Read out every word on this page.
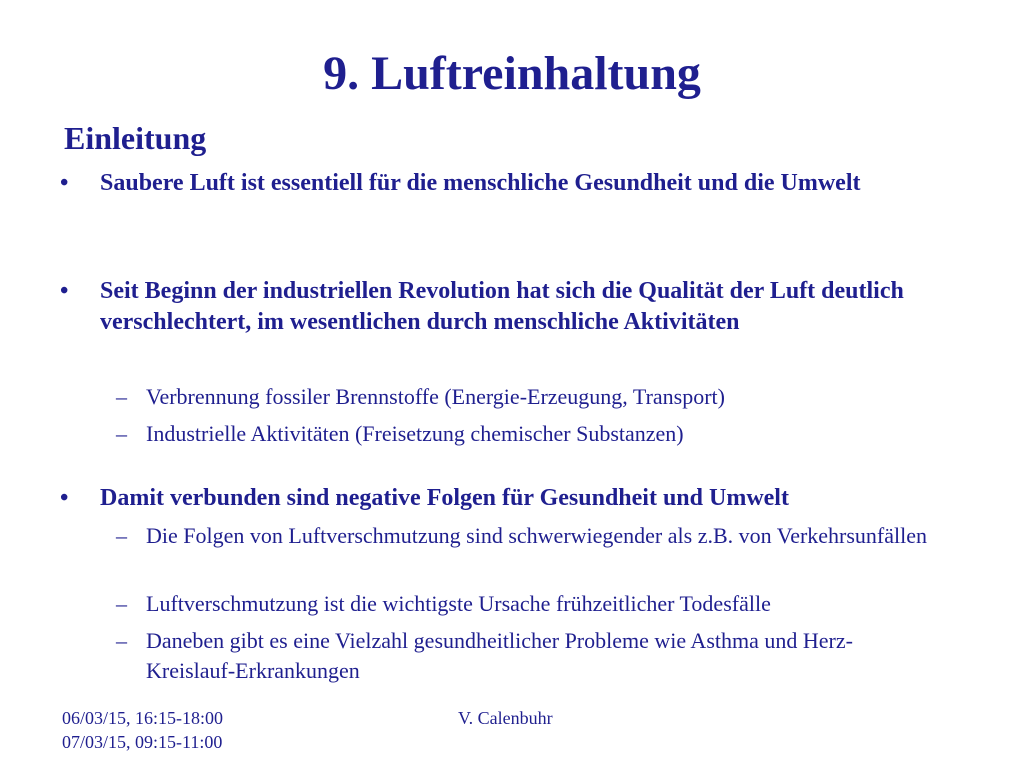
9. Luftreinhaltung
Einleitung
• Saubere Luft ist essentiell für die menschliche Gesundheit und die Umwelt
• Seit Beginn der industriellen Revolution hat sich die Qualität der Luft deutlich verschlechtert, im wesentlichen durch menschliche Aktivitäten
– Verbrennung fossiler Brennstoffe (Energie-Erzeugung, Transport)
– Industrielle Aktivitäten (Freisetzung chemischer Substanzen)
• Damit verbunden sind negative Folgen für Gesundheit und Umwelt
– Die Folgen von Luftverschmutzung sind schwerwiegender als z.B. von Verkehrsunfällen
– Luftverschmutzung ist die wichtigste Ursache frühzeitlicher Todesfälle
– Daneben gibt es eine Vielzahl gesundheitlicher Probleme wie Asthma und Herz-Kreislauf-Erkrankungen
06/03/15, 16:15-18:00
07/03/15, 09:15-11:00
V. Calenbuhr
